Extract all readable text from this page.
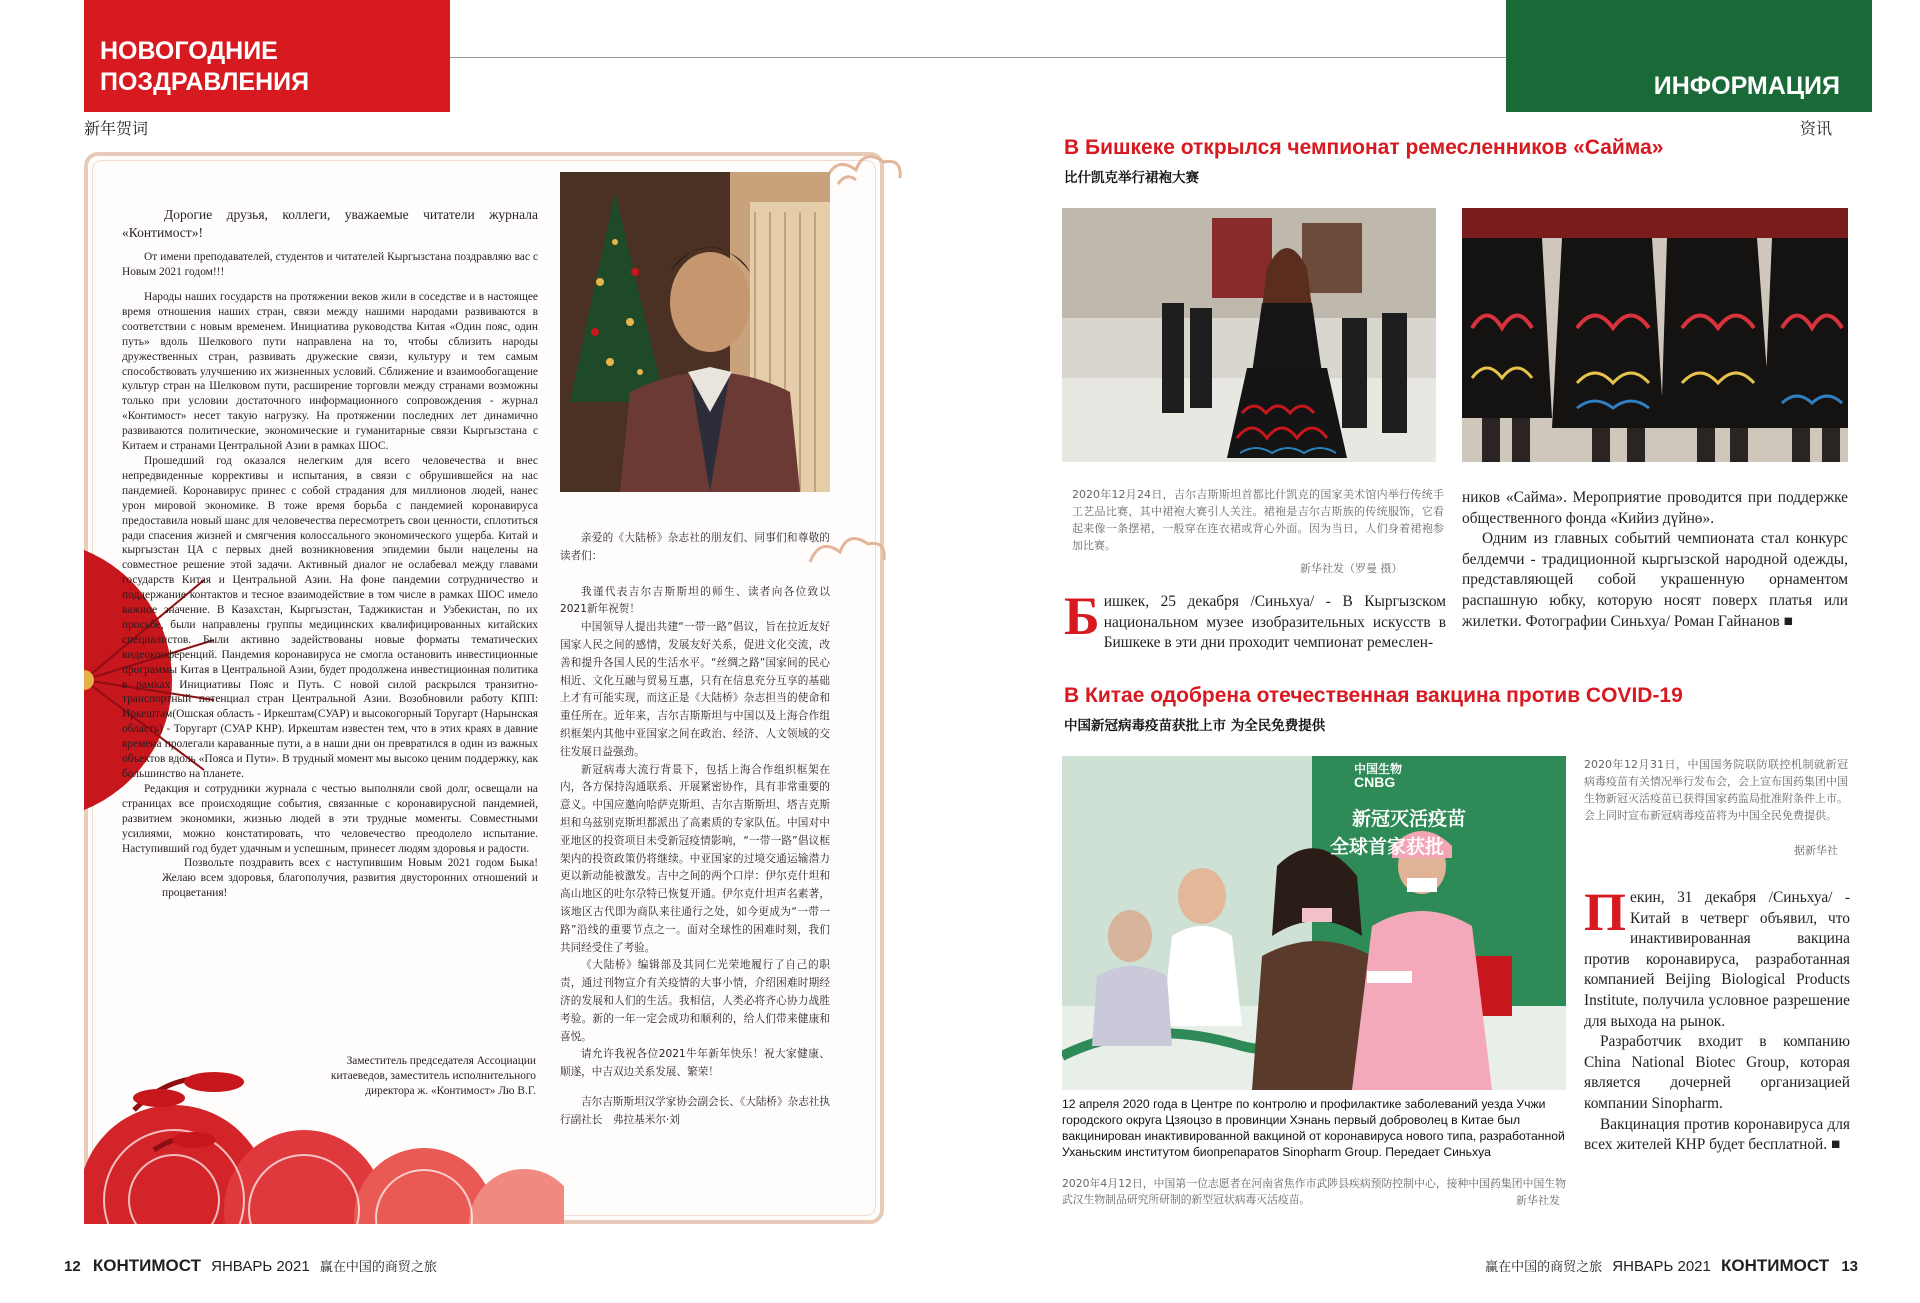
НОВОГОДНИЕ
ПОЗДРАВЛЕНИЯ
新年贺词

Дорогие друзья, коллеги, уважаемые читатели журнала «Контимост»!

От имени преподавателей, студентов и читателей Кыргызстана поздравляю вас с Новым 2021 годом!!!

Народы наших государств на протяжении веков жили в соседстве и в настоящее время отношения наших стран, связи между нашими народами развиваются в соответствии с новым временем. Инициатива руководства Китая «Один пояс, один путь» вдоль Шелкового пути направлена на то, чтобы сблизить народы дружественных стран, развивать дружеские связи, культуру и тем самым способствовать улучшению их жизненных условий. Сближение и взаимообогащение культур стран на Шелковом пути, расширение торговли между странами возможны только при условии достаточного информационного сопровождения - журнал «Контимост» несет такую нагрузку. На протяжении последних лет динамично развиваются политические, экономические и гуманитарные связи Кыргызстана с Китаем и странами Центральной Азии в рамках ШОС.

Прошедший год оказался нелегким для всего человечества и внес непредвиденные коррективы и испытания, в связи с обрушившейся на нас пандемией. Коронавирус принес с собой страдания для миллионов людей, нанес урон мировой экономике. В тоже время борьба с пандемией коронавируса предоставила новый шанс для человечества пересмотреть свои ценности, сплотиться ради спасения жизней и смягчения колоссального экономического ущерба. Китай и кыргызстан ЦА с первых дней возникновения эпидемии были нацелены на совместное решение этой задачи. Активный диалог не ослабевал между главами государств Китая и Центральной Азии. На фоне пандемии сотрудничество и поддержание контактов и тесное взаимодействие в том числе в рамках ШОС имело важное значение. В Казахстан, Кыргызстан, Таджикистан и Узбекистан, по их просьбе, были направлены группы медицинских квалифицированных китайских специалистов. Были активно задействованы новые форматы тематических видеоконференций. Пандемия коронавируса не смогла остановить инвестиционные программы Китая в Центральной Азии, будет продолжена инвестиционная политика в рамках Инициативы Пояс и Путь. С новой силой раскрылся транзитно-транспортный потенциал стран Центральной Азии. Возобновили работу КПП: Иркештам(Ошская область - Иркештам(СУАР) и высокогорный Торугарт (Нарынская область) - Торугарт (СУАР КНР). Иркештам известен тем, что в этих краях в давние времена пролегали караванные пути, а в наши дни он превратился в один из важных объектов вдоль «Пояса и Пути». В трудный момент мы высоко ценим поддержку, как большинство на планете.

Редакция и сотрудники журнала с честью выполняли свой долг, освещали на страницах все происходящие события, связанные с коронавирусной пандемией, развитием экономики, жизнью людей в эти трудные моменты. Совместными усилиями, можно констатировать, что человечество преодолело испытание. Наступивший год будет удачным и успешным, принесет людям здоровья и радости.

Позвольте поздравить всех с наступившим Новым 2021 годом Быка! Желаю всем здоровья, благополучия, развития двусторонних отношений и процветания!

Заместитель председателя Ассоциации китаеведов, заместитель исполнительного директора ж. «Контимост» Лю В.Г.

亲爱的《大陆桥》杂志社的朋友们、同事们和尊敬的读者们：

我谨代表吉尔吉斯斯坦的师生、读者向各位致以2021新年祝贺！

中国领导人提出共建“一带一路”倡议，旨在拉近友好国家人民之间的感情，发展友好关系，促进文化交流，改善和提升各国人民的生活水平。“丝绸之路”国家间的民心相近、文化互融与贸易互惠，只有在信息充分互享的基础上才有可能实现，而这正是《大陆桥》杂志担当的使命和重任所在。近年来，吉尔吉斯斯坦与中国以及上海合作组织框架内其他中亚国家之间在政治、经济、人文领域的交往发展日益强劲。

新冠病毒大流行背景下，包括上海合作组织框架在内，各方保持沟通联系、开展紧密协作，具有非常重要的意义。中国应邀向哈萨克斯坦、吉尔吉斯斯坦、塔吉克斯坦和乌兹别克斯坦都派出了高素质的专家队伍。中国对中亚地区的投资项目未受新冠疫情影响，“一带一路”倡议框架内的投资政策仍将继续。中亚国家的过境交通运输潜力更以新动能被激发。吉中之间的两个口岸：伊尔克什坦和高山地区的吐尔尕特已恢复开通。伊尔克什坦声名素著，该地区古代即为商队来往通行之处，如今更成为“一带一路”沿线的重要节点之一。面对全球性的困难时刻，我们共同经受住了考验。

《大陆桥》编辑部及其同仁光荣地履行了自己的职责，通过刊物宣介有关疫情的大事小情，介绍困难时期经济的发展和人们的生活。我相信，人类必将齐心协力战胜考验。新的一年一定会成功和顺利的，给人们带来健康和喜悦。

请允许我祝各位2021牛年新年快乐！祝大家健康、顺遂，中吉双边关系发展、繁荣！

吉尔吉斯斯坦汉学家协会副会长、《大陆桥》杂志社执行副社长　弗拉基米尔·刘

ИНФОРМАЦИЯ
资讯
В Бишкеке открылся чемпионат ремесленников «Сайма»
比什凯克举行裙袍大赛
2020年12月24日，吉尔吉斯斯坦首都比什凯克的国家美术馆内举行传统手工艺品比赛，其中裙袍大赛引人关注。裙袍是吉尔吉斯族的传统服饰，它看起来像一条摆裙，一般穿在连衣裙或背心外面。因为当日，人们身着裙袍参加比赛。
新华社发（罗曼 摄）

Бишкек, 25 декабря /Синьхуа/ - В Кыргызском национальном музее изобразительных искусств в Бишкеке в эти дни проходит чемпионат ремеслен-

ников «Сайма». Мероприятие проводится при поддержке общественного фонда «Кийиз дүйнө».

Одним из главных событий чемпионата стал конкурс белдемчи - традиционной кыргызской народной одежды, представляющей собой украшенную орнаментом распашную юбку, которую носят поверх платья или жилетки. Фотографии Синьхуа/ Роман Гайнанов ■

В Китае одобрена отечественная вакцина против COVID-19
中国新冠病毒疫苗获批上市 为全民免费提供
中国生物
CNBG
新冠灭活疫苗
全球首家获批
2020年12月31日，中国国务院联防联控机制就新冠病毒疫苗有关情况举行发布会，会上宣布国药集团中国生物新冠灭活疫苗已获得国家药监局批准附条件上市。会上同时宣布新冠病毒疫苗将为中国全民免费提供。
据新华社

Пекин, 31 декабря /Синьхуа/ - Китай в четверг объявил, что инактивированная вакцина против коронавируса, разработанная компанией Beijing Biological Products Institute, получила условное разрешение для выхода на рынок.

Разработчик входит в компанию China National Biotec Group, которая является дочерней организацией компании Sinopharm.

Вакцинация против коронавируса для всех жителей КНР будет бесплатной. ■

12 апреля 2020 года в Центре по контролю и профилактике заболеваний уезда Учжи городского округа Цзяоцзо в провинции Хэнань первый доброволец в Китае был вакцинирован инактивированной вакциной от коронавируса нового типа, разработанной Уханьским институтом биопрепаратов Sinopharm Group. Передает Синьхуа
2020年4月12日，中国第一位志愿者在河南省焦作市武陟县疾病预防控制中心，接种中国药集团中国生物武汉生物制品研究所研制的新型冠状病毒灭活疫苗。	新华社发
12 КОНТИМОСТ ЯНВАРЬ 2021 赢在中国的商贸之旅	赢在中国的商贸之旅 ЯНВАРЬ 2021 КОНТИМОСТ 13
